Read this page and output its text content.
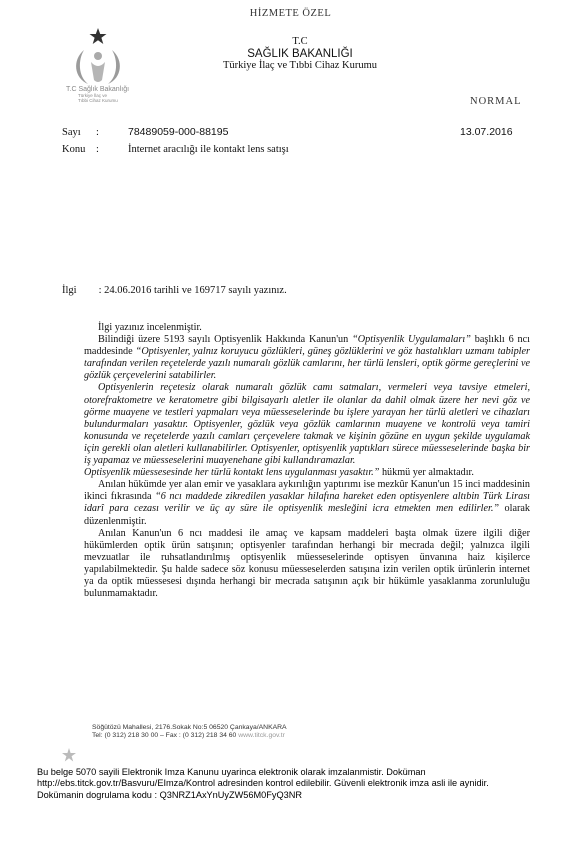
HİZMETE ÖZEL
T.C Sağlık Bakanlığı
Türkiye İlaç ve
Tıbbi Cihaz Kurumu
T.C
SAĞLIK BAKANLIĞI
Türkiye İlaç ve Tıbbi Cihaz Kurumu
NORMAL
Sayı :	78489059-000-88195	13.07.2016
Konu :	İnternet aracılığı ile kontakt lens satışı
İlgi : 24.06.2016 tarihli ve 169717 sayılı yazınız.

İlgi yazınız incelenmiştir.

Bilindiği üzere 5193 sayılı Optisyenlik Hakkında Kanun'un “Optisyenlik Uygulamaları” başlıklı 6 ncı maddesinde “Optisyenler, yalnız koruyucu gözlükleri, güneş gözlüklerini ve göz hastalıkları uzmanı tabipler tarafından verilen reçetelerde yazılı numaralı gözlük camlarını, her türlü lensleri, optik görme gereçlerini ve gözlük çerçevelerini satabilirler.

Optisyenlerin reçetesiz olarak numaralı gözlük camı satmaları, vermeleri veya tavsiye etmeleri, otorefraktometre ve keratometre gibi bilgisayarlı aletler ile olanlar da dahil olmak üzere her nevi göz ve görme muayene ve testleri yapmaları veya müesseselerinde bu işlere yarayan her türlü aletleri ve cihazları bulundurmaları yasaktır. Optisyenler, gözlük veya gözlük camlarının muayene ve kontrolü veya tamiri konusunda ve reçetelerde yazılı camları çerçevelere takmak ve kişinin gözüne en uygun şekilde uygulamak için gerekli olan aletleri kullanabilirler. Optisyenler, optisyenlik yaptıkları sürece müesseselerinde başka bir iş yapamaz ve müesseselerini muayenehane gibi kullandıramazlar.

Optisyenlik müessesesinde her türlü kontakt lens uygulanması yasaktır.” hükmü yer almaktadır.

Anılan hükümde yer alan emir ve yasaklara aykırılığın yaptırımı ise mezkûr Kanun'un 15 inci maddesinin ikinci fıkrasında “6 ncı maddede zikredilen yasaklar hilafına hareket eden optisyenlere altıbin Türk Lirası idarî para cezası verilir ve üç ay süre ile optisyenlik mesleğini icra etmekten men edilirler.” olarak düzenlenmiştir.

Anılan Kanun'un 6 ncı maddesi ile amaç ve kapsam maddeleri başta olmak üzere ilgili diğer hükümlerden optik ürün satışının; optisyenler tarafından herhangi bir mecrada değil; yalnızca ilgili mevzuatlar ile ruhsatlandırılmış optisyenlik müesseselerinde optisyen ünvanına haiz kişilerce yapılabilmektedir. Şu halde sadece söz konusu müesseselerden satışına izin verilen optik ürünlerin internet ya da optik müessesesi dışında herhangi bir mecrada satışının açık bir hükümle yasaklanma zorunluluğu bulunmamaktadır.

Söğütözü Mahallesi, 2176.Sokak No:5 06520 Çankaya/ANKARA
Tel: (0 312) 218 30 00 – Fax : (0 312) 218 34 60 www.titck.gov.tr
Bu belge 5070 sayili Elektronik Imza Kanunu uyarinca elektronik olarak imzalanmistir. Doküman
http://ebs.titck.gov.tr/Basvuru/EImza/Kontrol adresinden kontrol edilebilir. Güvenli elektronik imza asli ile aynidir.
Dokümanin dogrulama kodu : Q3NRZ1AxYnUyZW56M0FyQ3NR
